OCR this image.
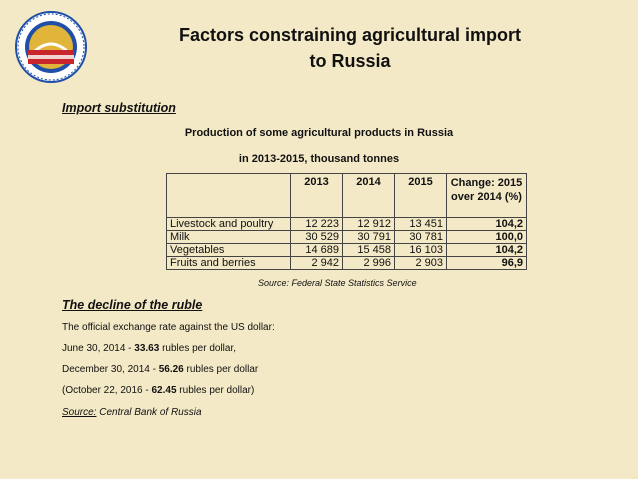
Factors constraining agricultural import
to Russia
Import substitution
Production of some agricultural products in Russia
in 2013-2015, thousand tonnes
	2013	2014	2015	Change: 2015 over 2014 (%)
Livestock and poultry	12 223	12 912	13 451	104,2
Milk	30 529	30 791	30 781	100,0
Vegetables	14 689	15 458	16 103	104,2
Fruits and berries	2 942	2 996	2 903	96,9
Source: Federal State Statistics Service
The decline of the ruble
The official exchange rate against the US dollar:
June 30, 2014 - 33.63 rubles per dollar,
December 30, 2014 - 56.26 rubles per dollar
(October 22, 2016 - 62.45 rubles per dollar)
Source: Central Bank of Russia
